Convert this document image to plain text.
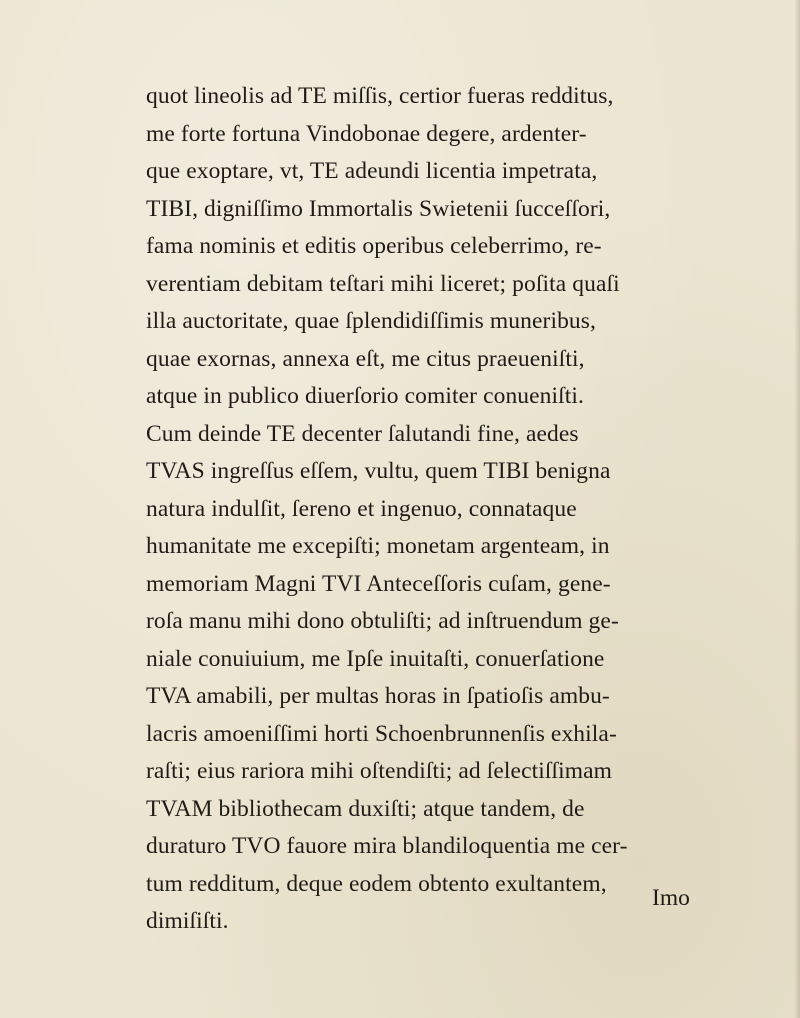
quot lineolis ad TE miſſis, certior fueras redditus,
me forte fortuna Vindobonae degere, ardenter-
que exoptare, vt, TE adeundi licentia impetrata,
TIBI, digniſſimo Immortalis Swietenii ſucceſſori,
fama nominis et editis operibus celeberrimo, re-
verentiam debitam teſtari mihi liceret; poſita quaſi
illa auctoritate, quae ſplendidiſſimis muneribus,
quae exornas, annexa eſt, me citus praeueniſti,
atque in publico diuerſorio comiter conueniſti.
Cum deinde TE decenter ſalutandi fine, aedes
TVAS ingreſſus eſſem, vultu, quem TIBI benigna
natura indulſit, ſereno et ingenuo, connataque
humanitate me excepiſti; monetam argenteam, in
memoriam Magni TVI Anteceſſoris cuſam, gene-
roſa manu mihi dono obtuliſti; ad inſtruendum ge-
niale conuiuium, me Ipſe inuitaſti, conuerſatione
TVA amabili, per multas horas in ſpatioſis ambu-
lacris amoeniſſimi horti Schoenbrunnenſis exhila-
raſti; eius rariora mihi oſtendiſti; ad ſelectiſſimam
TVAM bibliothecam duxiſti; atque tandem, de
duraturo TVO fauore mira blandiloquentia me cer-
tum redditum, deque eodem obtento exultantem,
dimiſiſti.
Imo
